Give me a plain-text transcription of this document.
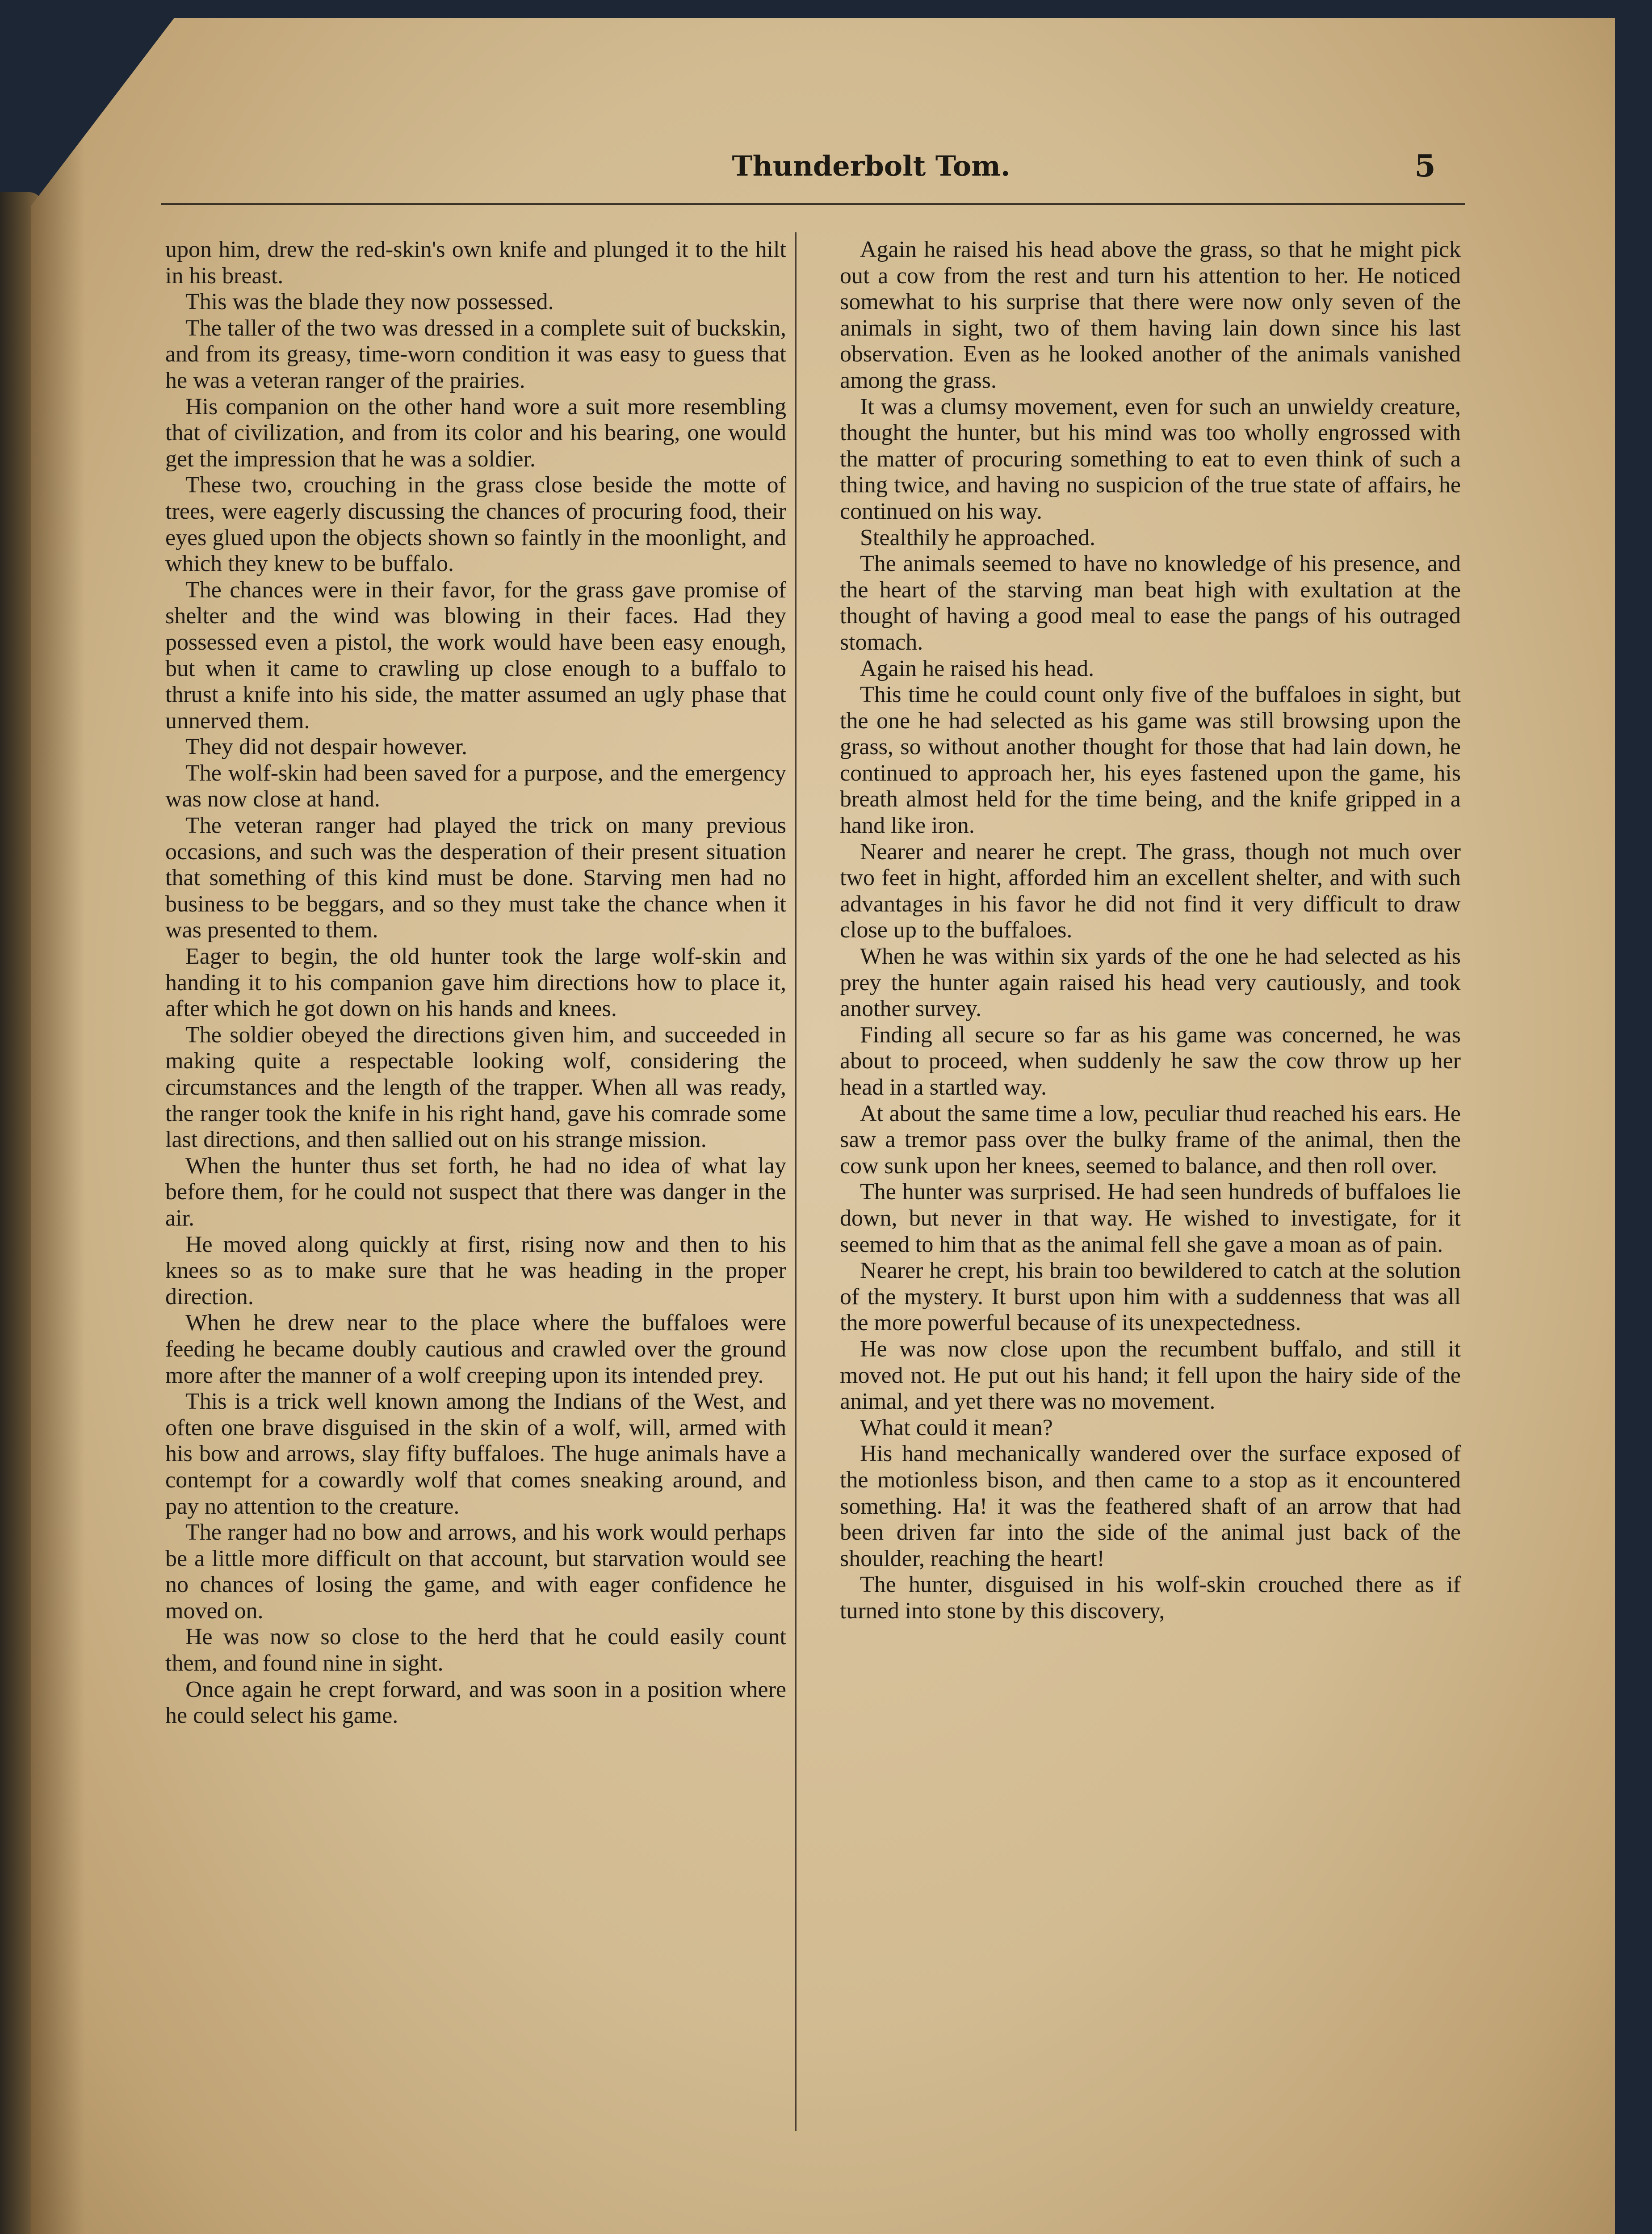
Thunderbolt Tom.	5

upon him, drew the red-skin's own knife and plunged it to the hilt in his breast.

This was the blade they now possessed.

The taller of the two was dressed in a complete suit of buckskin, and from its greasy, time-worn condition it was easy to guess that he was a veteran ranger of the prairies.

His companion on the other hand wore a suit more resembling that of civilization, and from its color and his bearing, one would get the impression that he was a soldier.

These two, crouching in the grass close beside the motte of trees, were eagerly discussing the chances of procuring food, their eyes glued upon the objects shown so faintly in the moonlight, and which they knew to be buffalo.

The chances were in their favor, for the grass gave promise of shelter and the wind was blowing in their faces. Had they possessed even a pistol, the work would have been easy enough, but when it came to crawling up close enough to a buffalo to thrust a knife into his side, the matter assumed an ugly phase that unnerved them.

They did not despair however.

The wolf-skin had been saved for a purpose, and the emergency was now close at hand.

The veteran ranger had played the trick on many previous occasions, and such was the desperation of their present situation that something of this kind must be done. Starving men had no business to be beggars, and so they must take the chance when it was presented to them.

Eager to begin, the old hunter took the large wolf-skin and handing it to his companion gave him directions how to place it, after which he got down on his hands and knees.

The soldier obeyed the directions given him, and succeeded in making quite a respectable looking wolf, considering the circumstances and the length of the trapper. When all was ready, the ranger took the knife in his right hand, gave his comrade some last directions, and then sallied out on his strange mission.

When the hunter thus set forth, he had no idea of what lay before them, for he could not suspect that there was danger in the air.

He moved along quickly at first, rising now and then to his knees so as to make sure that he was heading in the proper direction.

When he drew near to the place where the buffaloes were feeding he became doubly cautious and crawled over the ground more after the manner of a wolf creeping upon its intended prey.

This is a trick well known among the Indians of the West, and often one brave disguised in the skin of a wolf, will, armed with his bow and arrows, slay fifty buffaloes. The huge animals have a contempt for a cowardly wolf that comes sneaking around, and pay no attention to the creature.

The ranger had no bow and arrows, and his work would perhaps be a little more difficult on that account, but starvation would see no chances of losing the game, and with eager confidence he moved on.

He was now so close to the herd that he could easily count them, and found nine in sight.

Once again he crept forward, and was soon in a position where he could select his game.

Again he raised his head above the grass, so that he might pick out a cow from the rest and turn his attention to her. He noticed somewhat to his surprise that there were now only seven of the animals in sight, two of them having lain down since his last observation. Even as he looked another of the animals vanished among the grass.

It was a clumsy movement, even for such an unwieldy creature, thought the hunter, but his mind was too wholly engrossed with the matter of procuring something to eat to even think of such a thing twice, and having no suspicion of the true state of affairs, he continued on his way.

Stealthily he approached.

The animals seemed to have no knowledge of his presence, and the heart of the starving man beat high with exultation at the thought of having a good meal to ease the pangs of his outraged stomach.

Again he raised his head.

This time he could count only five of the buffaloes in sight, but the one he had selected as his game was still browsing upon the grass, so without another thought for those that had lain down, he continued to approach her, his eyes fastened upon the game, his breath almost held for the time being, and the knife gripped in a hand like iron.

Nearer and nearer he crept. The grass, though not much over two feet in hight, afforded him an excellent shelter, and with such advantages in his favor he did not find it very difficult to draw close up to the buffaloes.

When he was within six yards of the one he had selected as his prey the hunter again raised his head very cautiously, and took another survey.

Finding all secure so far as his game was concerned, he was about to proceed, when suddenly he saw the cow throw up her head in a startled way.

At about the same time a low, peculiar thud reached his ears. He saw a tremor pass over the bulky frame of the animal, then the cow sunk upon her knees, seemed to balance, and then roll over.

The hunter was surprised. He had seen hundreds of buffaloes lie down, but never in that way. He wished to investigate, for it seemed to him that as the animal fell she gave a moan as of pain.

Nearer he crept, his brain too bewildered to catch at the solution of the mystery. It burst upon him with a suddenness that was all the more powerful because of its unexpectedness.

He was now close upon the recumbent buffalo, and still it moved not. He put out his hand; it fell upon the hairy side of the animal, and yet there was no movement.

What could it mean?

His hand mechanically wandered over the surface exposed of the motionless bison, and then came to a stop as it encountered something. Ha! it was the feathered shaft of an arrow that had been driven far into the side of the animal just back of the shoulder, reaching the heart!

The hunter, disguised in his wolf-skin crouched there as if turned into stone by this discovery,
